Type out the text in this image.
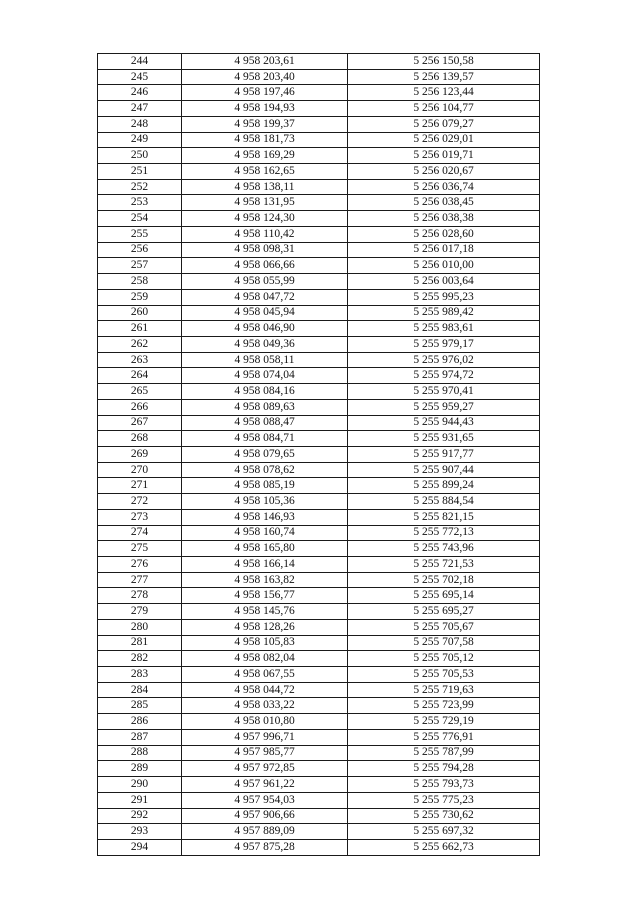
244	4 958 203,61	5 256 150,58
245	4 958 203,40	5 256 139,57
246	4 958 197,46	5 256 123,44
247	4 958 194,93	5 256 104,77
248	4 958 199,37	5 256 079,27
249	4 958 181,73	5 256 029,01
250	4 958 169,29	5 256 019,71
251	4 958 162,65	5 256 020,67
252	4 958 138,11	5 256 036,74
253	4 958 131,95	5 256 038,45
254	4 958 124,30	5 256 038,38
255	4 958 110,42	5 256 028,60
256	4 958 098,31	5 256 017,18
257	4 958 066,66	5 256 010,00
258	4 958 055,99	5 256 003,64
259	4 958 047,72	5 255 995,23
260	4 958 045,94	5 255 989,42
261	4 958 046,90	5 255 983,61
262	4 958 049,36	5 255 979,17
263	4 958 058,11	5 255 976,02
264	4 958 074,04	5 255 974,72
265	4 958 084,16	5 255 970,41
266	4 958 089,63	5 255 959,27
267	4 958 088,47	5 255 944,43
268	4 958 084,71	5 255 931,65
269	4 958 079,65	5 255 917,77
270	4 958 078,62	5 255 907,44
271	4 958 085,19	5 255 899,24
272	4 958 105,36	5 255 884,54
273	4 958 146,93	5 255 821,15
274	4 958 160,74	5 255 772,13
275	4 958 165,80	5 255 743,96
276	4 958 166,14	5 255 721,53
277	4 958 163,82	5 255 702,18
278	4 958 156,77	5 255 695,14
279	4 958 145,76	5 255 695,27
280	4 958 128,26	5 255 705,67
281	4 958 105,83	5 255 707,58
282	4 958 082,04	5 255 705,12
283	4 958 067,55	5 255 705,53
284	4 958 044,72	5 255 719,63
285	4 958 033,22	5 255 723,99
286	4 958 010,80	5 255 729,19
287	4 957 996,71	5 255 776,91
288	4 957 985,77	5 255 787,99
289	4 957 972,85	5 255 794,28
290	4 957 961,22	5 255 793,73
291	4 957 954,03	5 255 775,23
292	4 957 906,66	5 255 730,62
293	4 957 889,09	5 255 697,32
294	4 957 875,28	5 255 662,73
